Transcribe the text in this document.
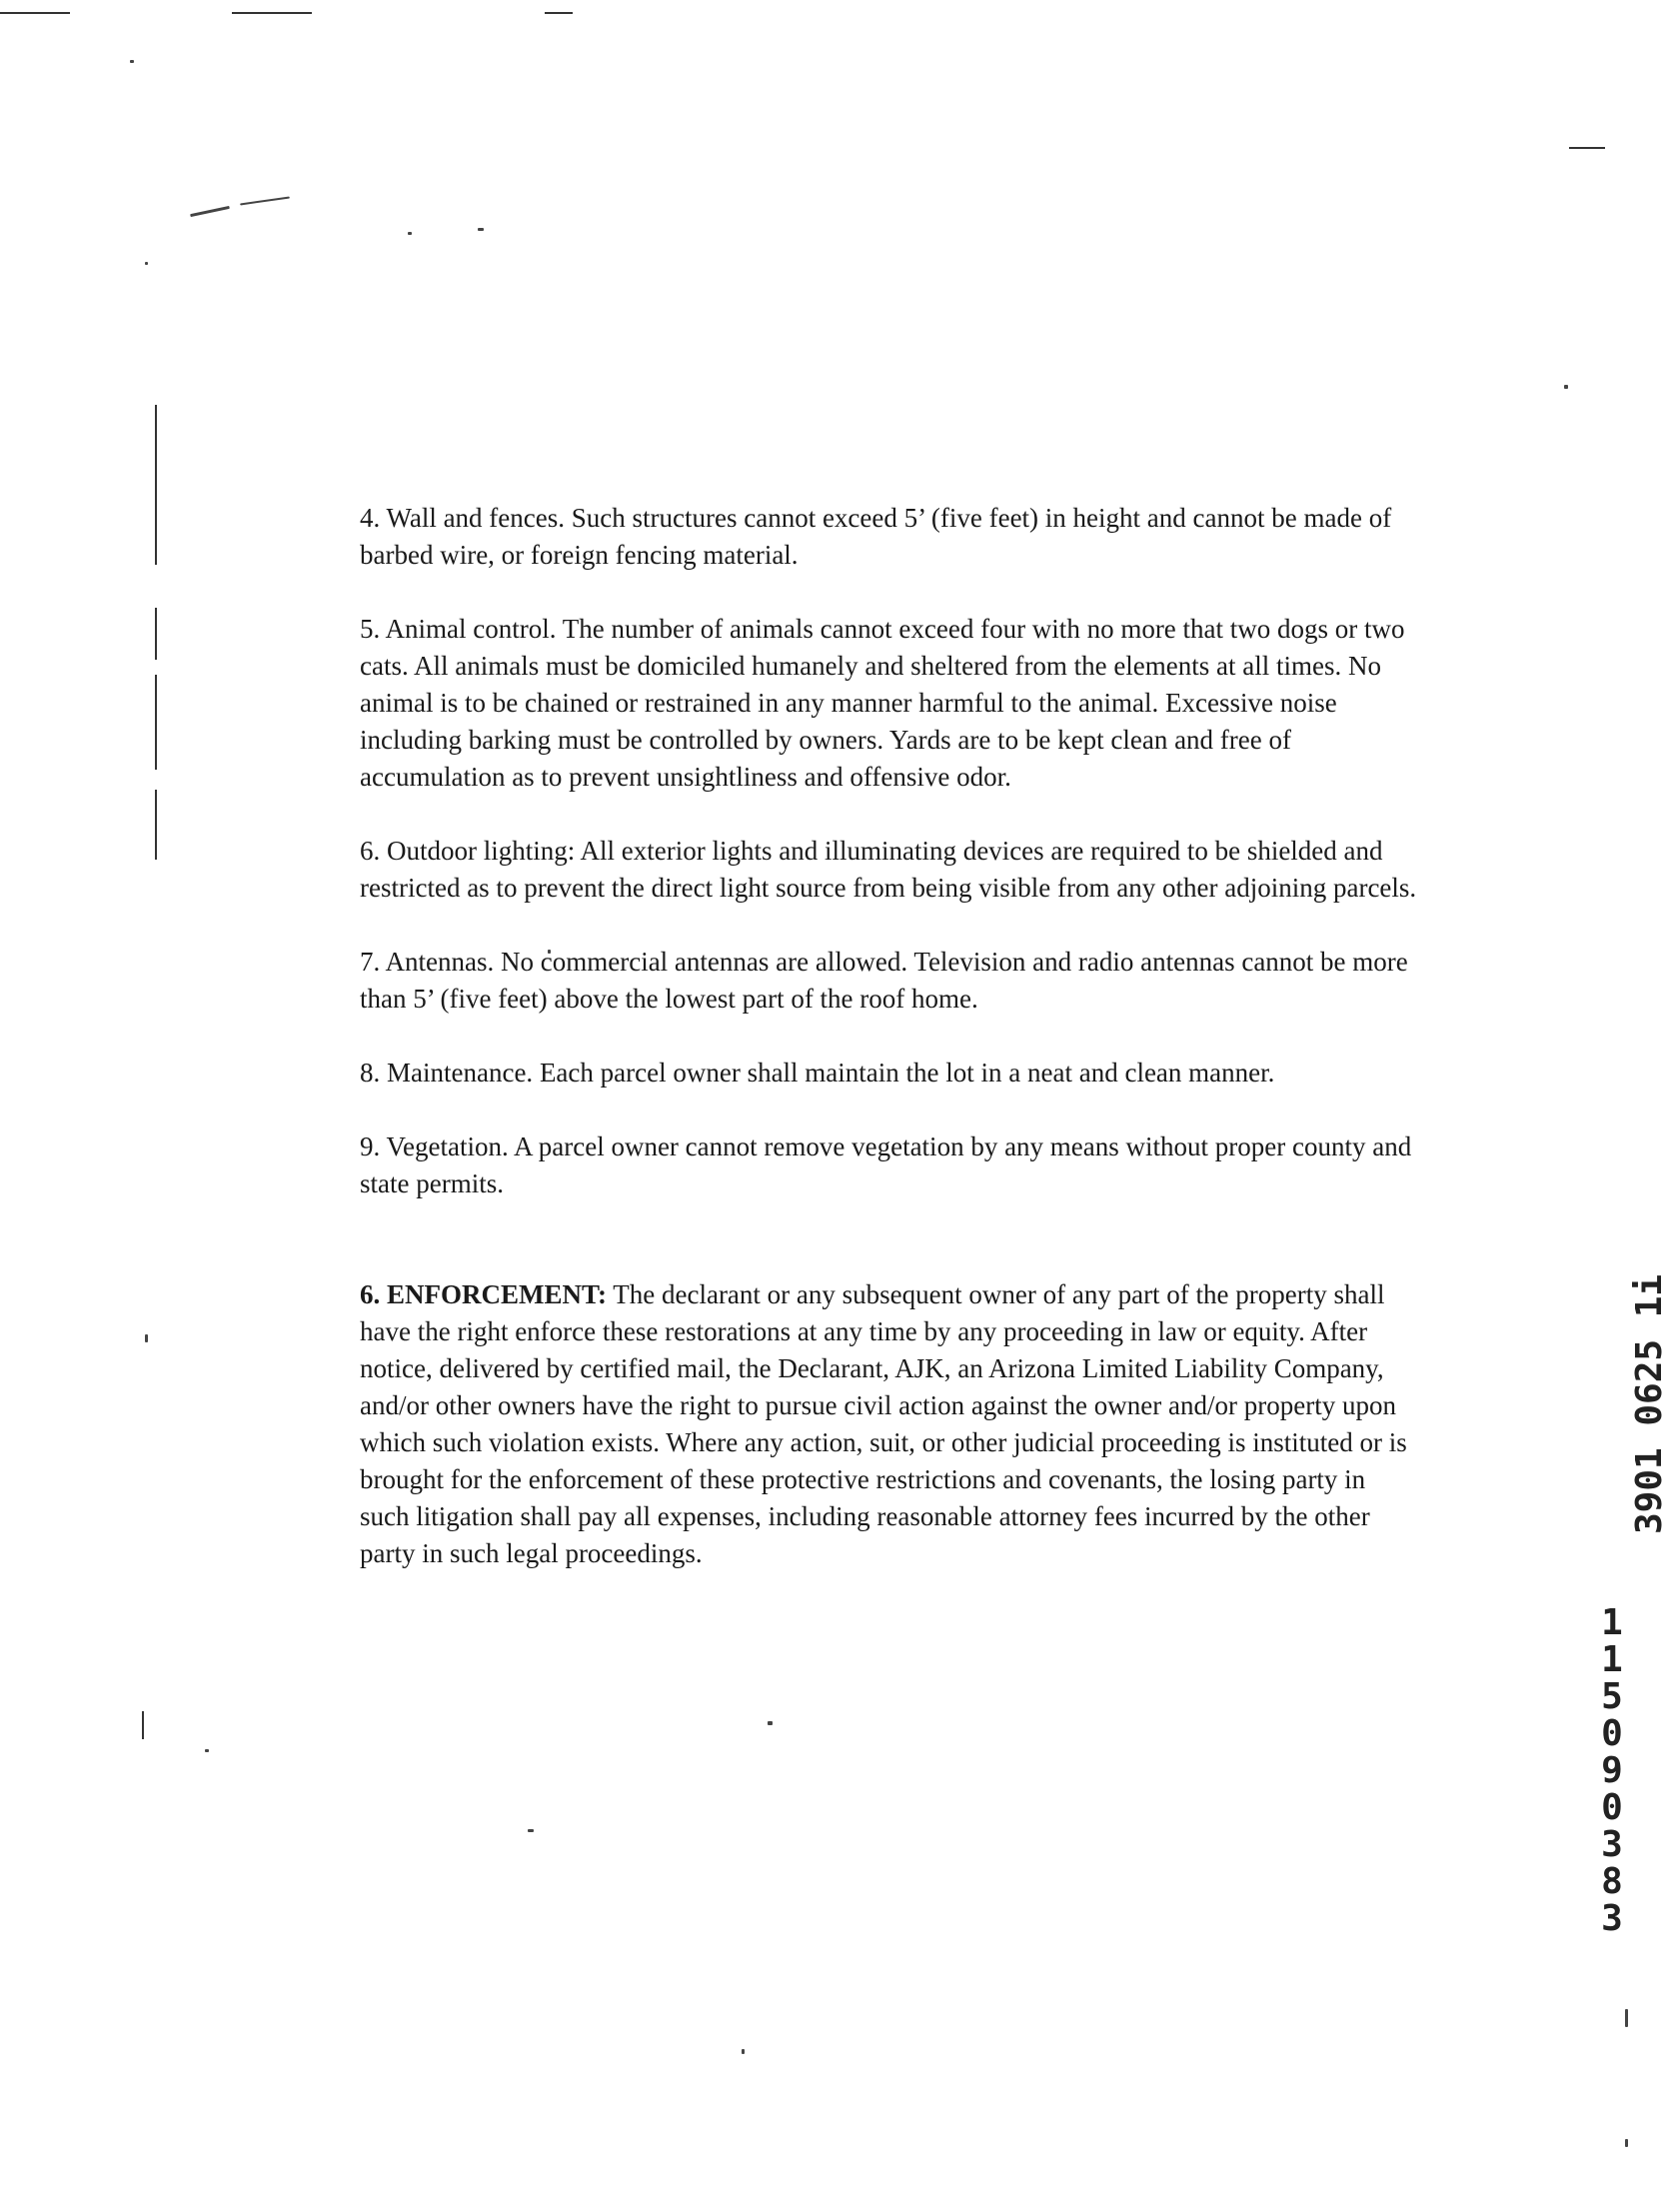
4. Wall and fences. Such structures cannot exceed 5’ (five feet) in height and cannot be made of barbed wire, or foreign fencing material.

5. Animal control. The number of animals cannot exceed four with no more that two dogs or two cats. All animals must be domiciled humanely and sheltered from the elements at all times. No animal is to be chained or restrained in any manner harmful to the animal. Excessive noise including barking must be controlled by owners. Yards are to be kept clean and free of accumulation as to prevent unsightliness and offensive odor.

6. Outdoor lighting: All exterior lights and illuminating devices are required to be shielded and restricted as to prevent the direct light source from being visible from any other adjoining parcels.

7. Antennas. No commercial antennas are allowed. Television and radio antennas cannot be more than 5’ (five feet) above the lowest part of the roof home.

8. Maintenance. Each parcel owner shall maintain the lot in a neat and clean manner.

9. Vegetation. A parcel owner cannot remove vegetation by any means without proper county and state permits.

6. ENFORCEMENT: The declarant or any subsequent owner of any part of the property shall have the right enforce these restorations at any time by any proceeding in law or equity. After notice, delivered by certified mail, the Declarant, AJK, an Arizona Limited Liability Company, and/or other owners have the right to pursue civil action against the owner and/or property upon which such violation exists. Where any action, suit, or other judicial proceeding is instituted or is brought for the enforcement of these protective restrictions and covenants, the losing party in such litigation shall pay all expenses, including reasonable attorney fees incurred by the other party in such legal proceedings.

3901 0625 1i
11509 0383
